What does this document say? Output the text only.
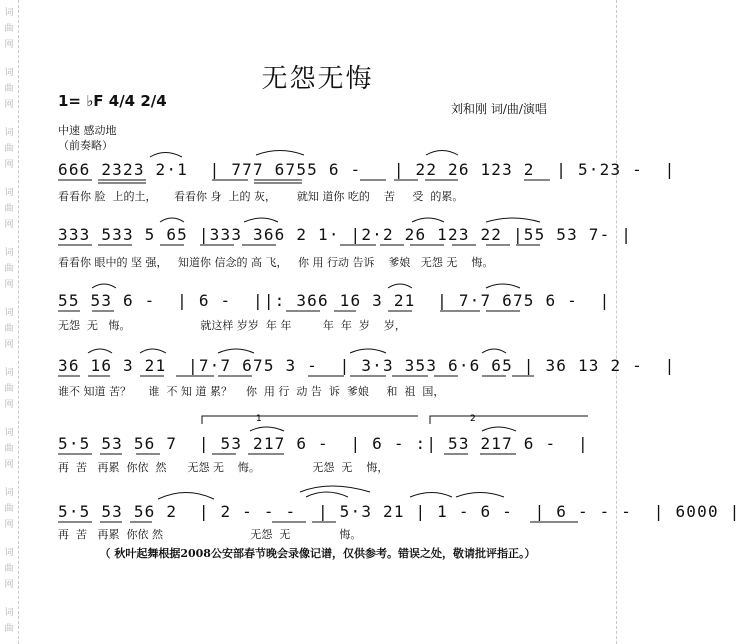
词
曲
网
词
曲
网
词
曲
网
词
曲
网
词
曲
网
词
曲
网
词
曲
网
词
曲
网
词
曲
网
词
曲
网
词
曲
无怨无悔
1= ♭F 4/4 2/4	刘和刚 词/曲/演唱
中速 感动地
（前奏略）
666 2323 2·1  | 777 6755 6 -   | 22 26 123 2  | 5·23 -  |
看看你 脸  上的土，     看看你 身  上的 灰，      就知 道你 吃的    苦     受  的累。
333 533 5 65 |333 366 2 1· |2·2 26 123 22 |55 53 7- |
看看你 眼中的 坚 强，   知道你 信念的 高 飞，   你 用 行动 告诉    爹娘   无怨 无    悔。
55 53 6 -  | 6 -  ||: 366 16 3 21  | 7·7 675 6 -  |
无怨  无   悔。                    就这样 岁岁  年 年         年  年  岁    岁，
36 16 3 21  |7·7 675 3 -  | 3·3 353 6·6 65 | 36 13 2 -  |
谁不 知道 苦？     谁  不 知 道 累？    你  用 行  动 告  诉  爹娘     和  祖  国，
5·5 53 56 7  | 53 217 6 -  | 6 - :| 53 217 6 -  |
再  苦   再累  你依  然      无怨 无    悔。               无怨  无    悔，
5·5 53 56 2  | 2 - - -  | 5·3 21 | 1 - 6 -  | 6 - - -  | 6000 |
再  苦   再累  你依 然                         无怨  无              悔。
1	2
（ 秋叶起舞根据2008公安部春节晚会录像记谱，仅供参考。错误之处，敬请批评指正。）
